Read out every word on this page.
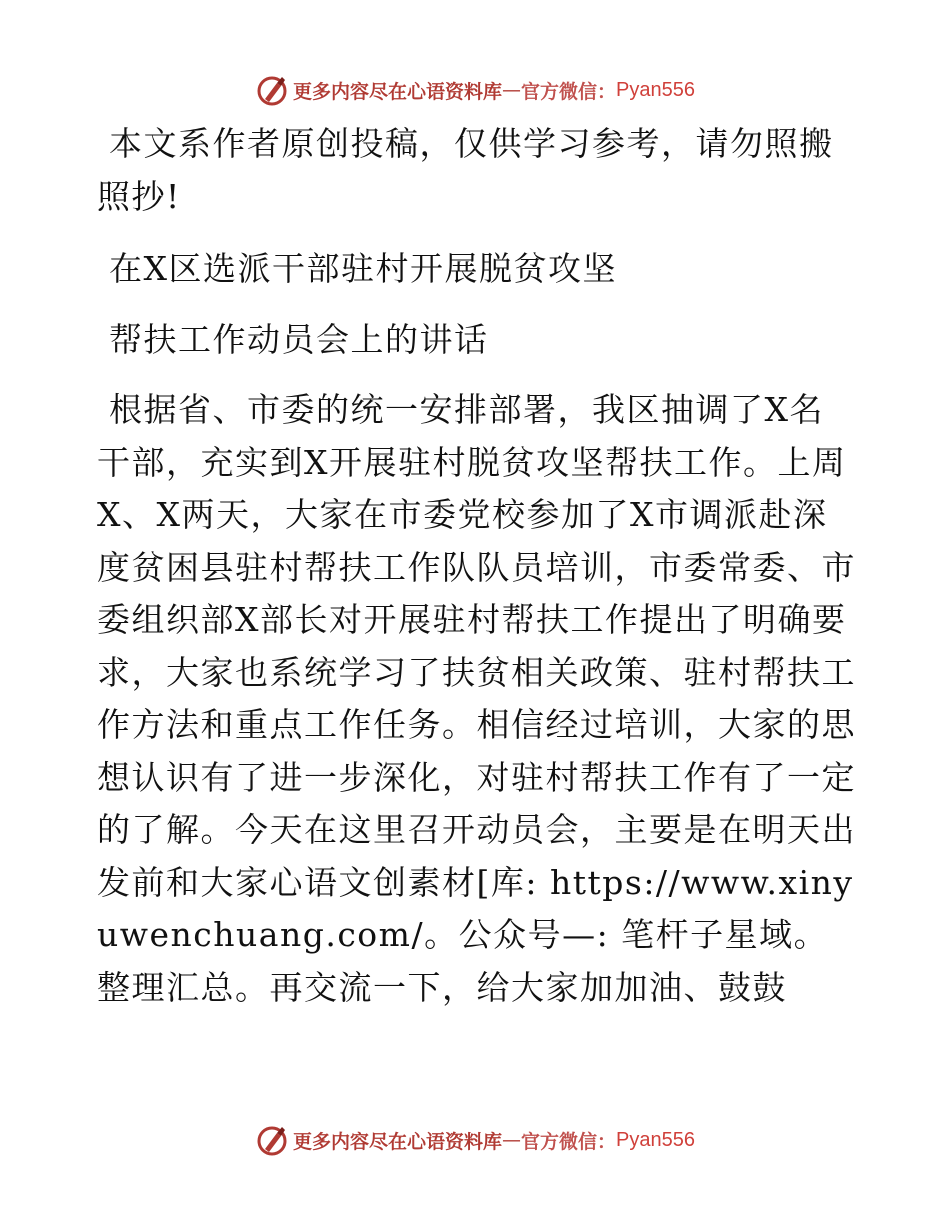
更多内容尽在心语资料库 — 官方微信： Pyan556

本文系作者原创投稿，仅供学习参考，请勿照搬照抄!

在X区选派干部驻村开展脱贫攻坚

帮扶工作动员会上的讲话

根据省、市委的统一安排部署，我区抽调了X名干部，充实到X开展驻村脱贫攻坚帮扶工作。上周X、X两天，大家在市委党校参加了X市调派赴深度贫困县驻村帮扶工作队队员培训，市委常委、市委组织部X部长对开展驻村帮扶工作提出了明确要求，大家也系统学习了扶贫相关政策、驻村帮扶工作方法和重点工作任务。相信经过培训，大家的思想认识有了进一步深化，对驻村帮扶工作有了一定的了解。今天在这里召开动员会，主要是在明天出发前和大家心语文创素材[库: https://www.xinyuwenchuang.com/。公众号—: 笔杆子星域。整理汇总。再交流一下，给大家加加油、鼓鼓

更多内容尽在心语资料库 — 官方微信： Pyan556
